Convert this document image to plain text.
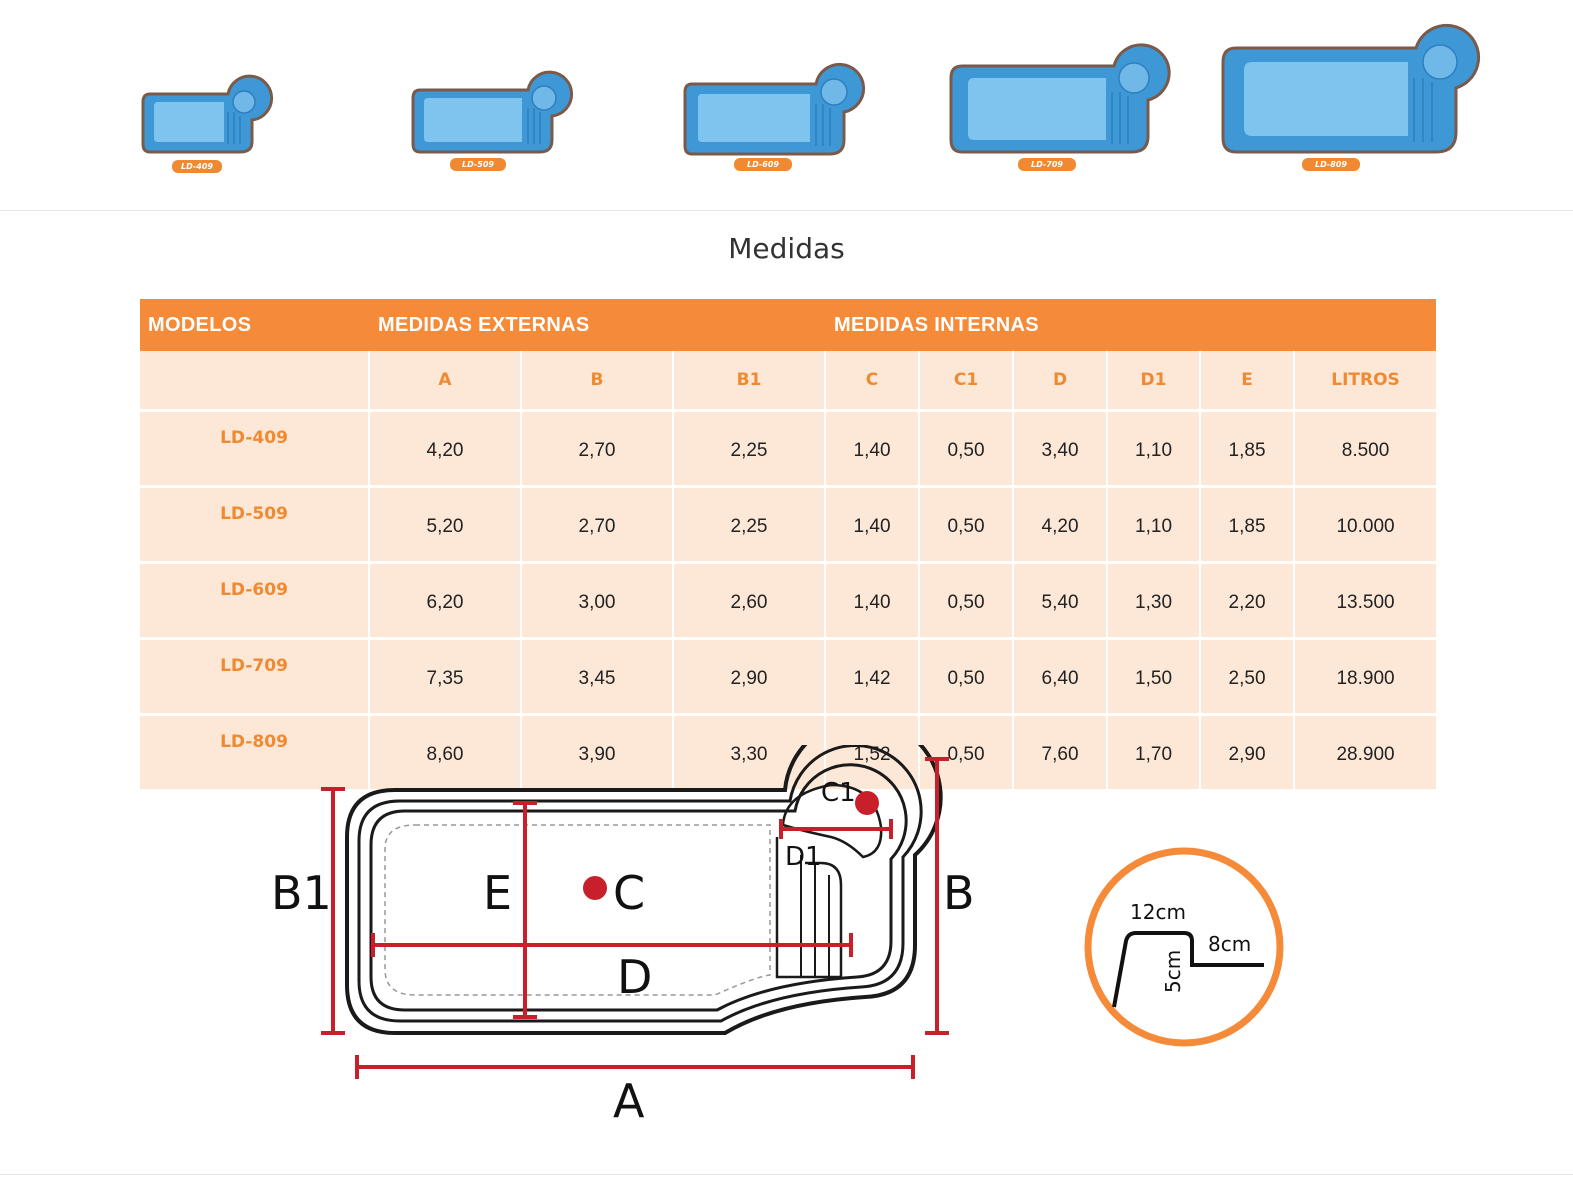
LD-409	LD-509	LD-609	LD-709	LD-809
Medidas
MODELOS	MEDIDAS EXTERNAS			MEDIDAS INTERNAS					
	A	B	B1	C	C1	D	D1	E	LITROS
LD-409	4,20	2,70	2,25	1,40	0,50	3,40	1,10	1,85	8.500
LD-509	5,20	2,70	2,25	1,40	0,50	4,20	1,10	1,85	10.000
LD-609	6,20	3,00	2,60	1,40	0,50	5,40	1,30	2,20	13.500
LD-709	7,35	3,45	2,90	1,42	0,50	6,40	1,50	2,50	18.900
LD-809	8,60	3,90	3,30	1,52	0,50	7,60	1,70	2,90	28.900
B1	E C
D
B
A
C1
D1
12cm
8cm
5cm
